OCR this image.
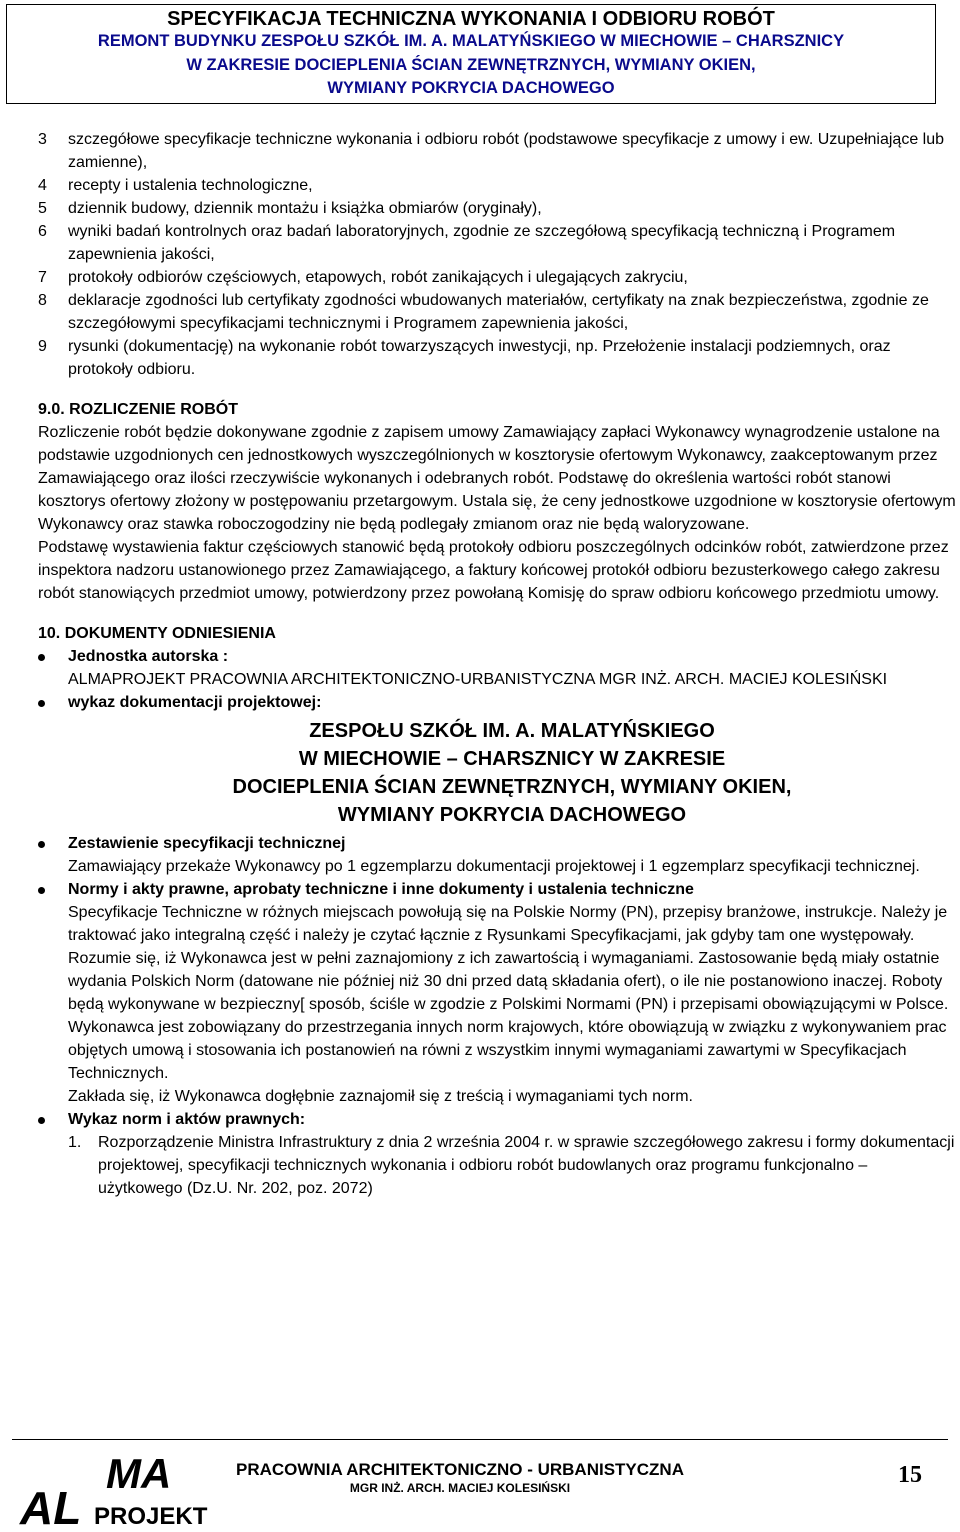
SPECYFIKACJA TECHNICZNA WYKONANIA I ODBIORU ROBÓT
REMONT BUDYNKU ZESPOŁU SZKÓŁ IM. A. MALATYŃSKIEGO W MIECHOWIE – CHARSZNICY
W ZAKRESIE DOCIEPLENIA ŚCIAN ZEWNĘTRZNYCH, WYMIANY OKIEN,
WYMIANY POKRYCIA DACHOWEGO
3 szczegółowe specyfikacje techniczne wykonania i odbioru robót (podstawowe specyfikacje z umowy i ew. Uzupełniające lub zamienne),
4 recepty i ustalenia technologiczne,
5 dziennik budowy, dziennik montażu i książka obmiarów (oryginały),
6 wyniki badań kontrolnych oraz badań laboratoryjnych, zgodnie ze szczegółową specyfikacją techniczną i Programem zapewnienia jakości,
7 protokoły odbiorów częściowych, etapowych, robót zanikających i ulegających zakryciu,
8 deklaracje zgodności lub certyfikaty zgodności wbudowanych materiałów, certyfikaty na znak bezpieczeństwa, zgodnie ze szczegółowymi specyfikacjami technicznymi i Programem zapewnienia jakości,
9 rysunki (dokumentację) na wykonanie robót towarzyszących inwestycji, np. Przełożenie instalacji podziemnych, oraz protokoły odbioru.
9.0. ROZLICZENIE ROBÓT

Rozliczenie robót będzie dokonywane zgodnie z zapisem umowy Zamawiający zapłaci Wykonawcy wynagrodzenie ustalone na podstawie uzgodnionych cen jednostkowych wyszczególnionych w kosztorysie ofertowym Wykonawcy, zaakceptowanym przez Zamawiającego oraz ilości rzeczywiście wykonanych i odebranych robót. Podstawę do określenia wartości robót stanowi kosztorys ofertowy złożony w postępowaniu przetargowym. Ustala się, że ceny jednostkowe uzgodnione w kosztorysie ofertowym Wykonawcy oraz stawka roboczogodziny nie będą podlegały zmianom oraz nie będą waloryzowane.

Podstawę wystawienia faktur częściowych stanowić będą protokoły odbioru poszczególnych odcinków robót, zatwierdzone przez inspektora nadzoru ustanowionego przez Zamawiającego, a faktury końcowej protokół odbioru bezusterkowego całego zakresu robót stanowiących przedmiot umowy, potwierdzony przez powołaną Komisję do spraw odbioru końcowego przedmiotu umowy.

10. DOKUMENTY ODNIESIENIA
Jednostka autorska :
ALMAPROJEKT PRACOWNIA ARCHITEKTONICZNO-URBANISTYCZNA MGR INŻ. ARCH. MACIEJ KOLESIŃSKI
wykaz dokumentacji projektowej:
ZESPOŁU SZKÓŁ IM. A. MALATYŃSKIEGO
W MIECHOWIE – CHARSZNICY W ZAKRESIE
DOCIEPLENIA ŚCIAN ZEWNĘTRZNYCH, WYMIANY OKIEN,
WYMIANY POKRYCIA DACHOWEGO
Zestawienie specyfikacji technicznej
Zamawiający przekaże Wykonawcy po 1 egzemplarzu dokumentacji projektowej i 1 egzemplarz specyfikacji technicznej.
Normy i akty prawne, aprobaty techniczne i inne dokumenty i ustalenia techniczne
Specyfikacje Techniczne w różnych miejscach powołują się na Polskie Normy (PN), przepisy branżowe, instrukcje. Należy je traktować jako integralną część i należy je czytać łącznie z Rysunkami Specyfikacjami, jak gdyby tam one występowały. Rozumie się, iż Wykonawca jest w pełni zaznajomiony z ich zawartością i wymaganiami. Zastosowanie będą miały ostatnie wydania Polskich Norm (datowane nie później niż 30 dni przed datą składania ofert), o ile nie postanowiono inaczej. Roboty będą wykonywane w bezpieczny[ sposób, ściśle w zgodzie z Polskimi Normami (PN) i przepisami obowiązującymi w Polsce.
Wykonawca jest zobowiązany do przestrzegania innych norm krajowych, które obowiązują w związku z wykonywaniem prac objętych umową i stosowania ich postanowień na równi z wszystkim innymi wymaganiami zawartymi w Specyfikacjach Technicznych.
Zakłada się, iż Wykonawca dogłębnie zaznajomił się z treścią i wymaganiami tych norm.
Wykaz norm i aktów prawnych:
1. Rozporządzenie Ministra Infrastruktury z dnia 2 września 2004 r. w sprawie szczegółowego zakresu i formy dokumentacji projektowej, specyfikacji technicznych wykonania i odbioru robót budowlanych oraz programu funkcjonalno – użytkowego (Dz.U. Nr. 202, poz. 2072)
AL
MA
PROJEKT
PRACOWNIA ARCHITEKTONICZNO - URBANISTYCZNA
MGR INŻ. ARCH. MACIEJ KOLESIŃSKI	15
